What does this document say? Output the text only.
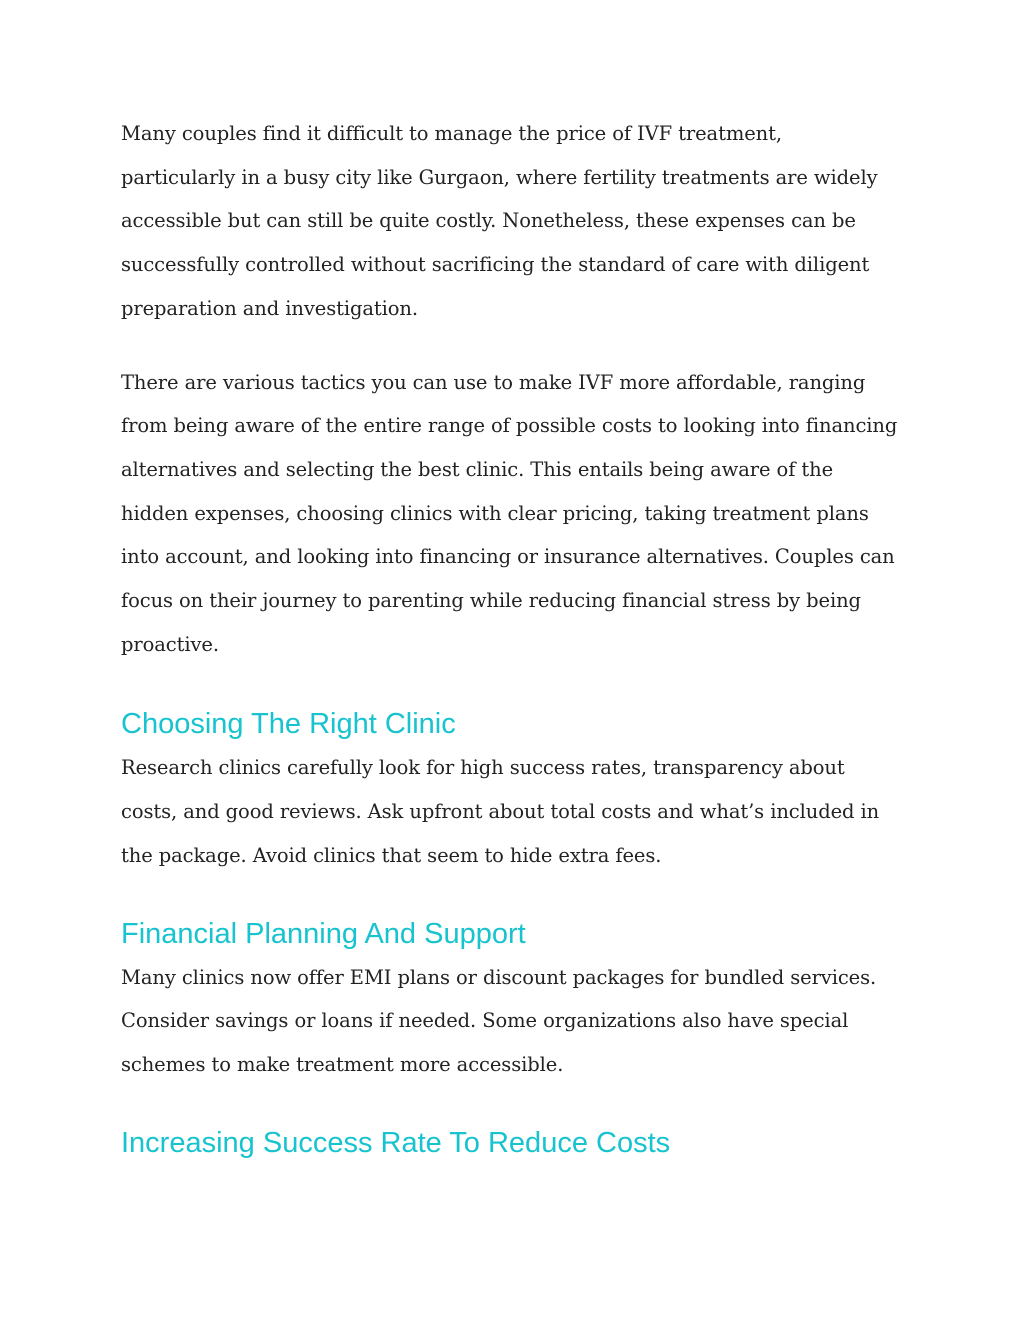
Many couples find it difficult to manage the price of IVF treatment,
particularly in a busy city like Gurgaon, where fertility treatments are widely
accessible but can still be quite costly. Nonetheless, these expenses can be
successfully controlled without sacrificing the standard of care with diligent
preparation and investigation.

There are various tactics you can use to make IVF more affordable, ranging
from being aware of the entire range of possible costs to looking into financing
alternatives and selecting the best clinic. This entails being aware of the
hidden expenses, choosing clinics with clear pricing, taking treatment plans
into account, and looking into financing or insurance alternatives. Couples can
focus on their journey to parenting while reducing financial stress by being
proactive.

Choosing The Right Clinic

Research clinics carefully look for high success rates, transparency about
costs, and good reviews. Ask upfront about total costs and what’s included in
the package. Avoid clinics that seem to hide extra fees.

Financial Planning And Support

Many clinics now offer EMI plans or discount packages for bundled services.
Consider savings or loans if needed. Some organizations also have special
schemes to make treatment more accessible.

Increasing Success Rate To Reduce Costs
